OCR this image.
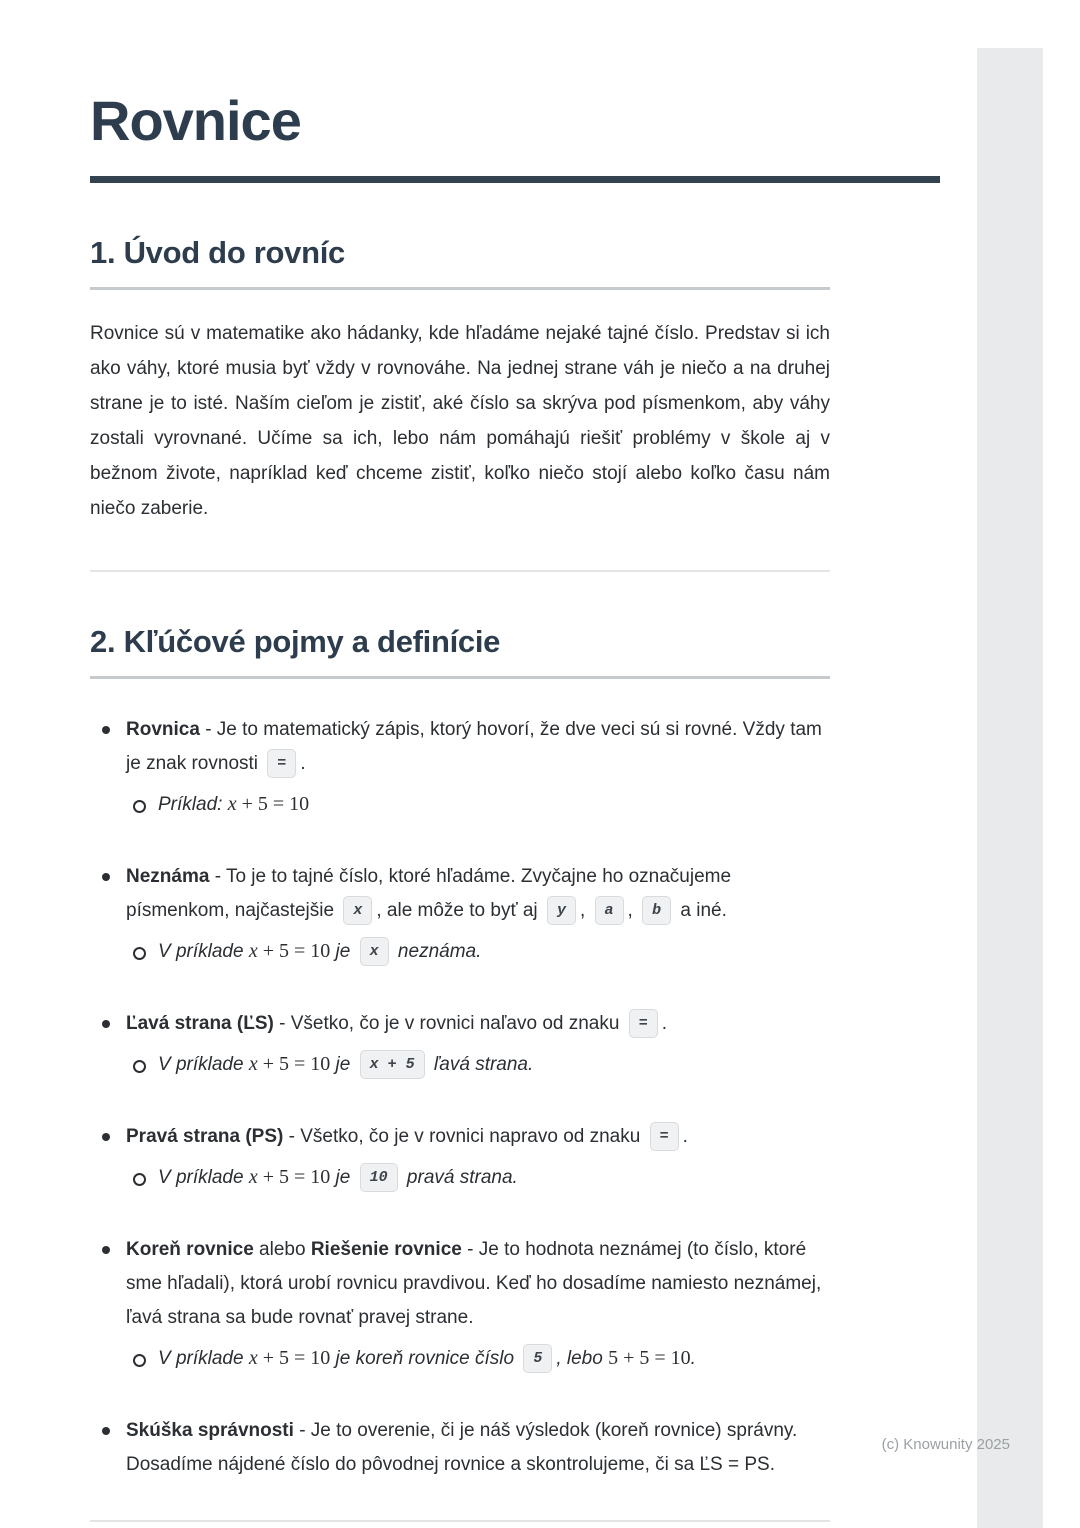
Rovnice
1. Úvod do rovníc

Rovnice sú v matematike ako hádanky, kde hľadáme nejaké tajné číslo. Predstav si ich ako váhy, ktoré musia byť vždy v rovnováhe. Na jednej strane váh je niečo a na druhej strane je to isté. Naším cieľom je zistiť, aké číslo sa skrýva pod písmenkom, aby váhy zostali vyrovnané. Učíme sa ich, lebo nám pomáhajú riešiť problémy v škole aj v bežnom živote, napríklad keď chceme zistiť, koľko niečo stojí alebo koľko času nám niečo zaberie.

2. Kľúčové pojmy a definície
Rovnica - Je to matematický zápis, ktorý hovorí, že dve veci sú si rovné. Vždy tam je znak rovnosti = .
Príklad: x + 5 = 10
Neznáma - To je to tajné číslo, ktoré hľadáme. Zvyčajne ho označujeme písmenkom, najčastejšie x , ale môže to byť aj y , a , b a iné.
V príklade x + 5 = 10 je x neznáma.
Ľavá strana (ĽS) - Všetko, čo je v rovnici naľavo od znaku = .
V príklade x + 5 = 10 je x + 5 ľavá strana.
Pravá strana (PS) - Všetko, čo je v rovnici napravo od znaku = .
V príklade x + 5 = 10 je 10 pravá strana.
Koreň rovnice alebo Riešenie rovnice - Je to hodnota neznámej (to číslo, ktoré sme hľadali), ktorá urobí rovnicu pravdivou. Keď ho dosadíme namiesto neznámej, ľavá strana sa bude rovnať pravej strane.
V príklade x + 5 = 10 je koreň rovnice číslo 5 , lebo 5 + 5 = 10.
Skúška správnosti - Je to overenie, či je náš výsledok (koreň rovnice) správny. Dosadíme nájdené číslo do pôvodnej rovnice a skontrolujeme, či sa ĽS = PS.
(c) Knowunity 2025
